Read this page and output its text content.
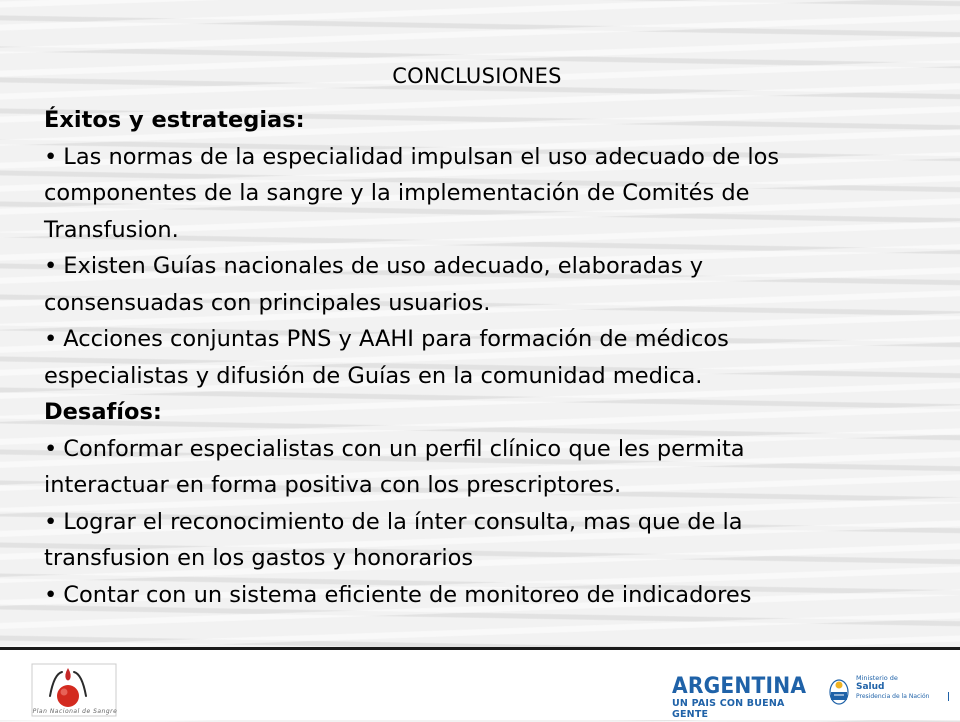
CONCLUSIONES
Éxitos y estrategias:
• Las normas de la especialidad impulsan el uso adecuado de los
componentes de la sangre y la implementación de Comités de
Transfusion.
• Existen Guías nacionales de uso adecuado, elaboradas y
consensuadas con principales usuarios.
• Acciones conjuntas PNS y AAHI para formación de médicos
especialistas y difusión de Guías en la comunidad medica.
Desafíos:
• Conformar especialistas con un perfil clínico que les permita
interactuar en forma positiva con los prescriptores.
• Lograr el reconocimiento de la ínter consulta, mas que de la
transfusion en los gastos y honorarios
• Contar con un sistema eficiente de monitoreo de indicadores
Plan Nacional de Sangre
ARGENTINA
UN PAIS CON BUENA GENTE
Ministerio de
Salud
Presidencia de la Nación
